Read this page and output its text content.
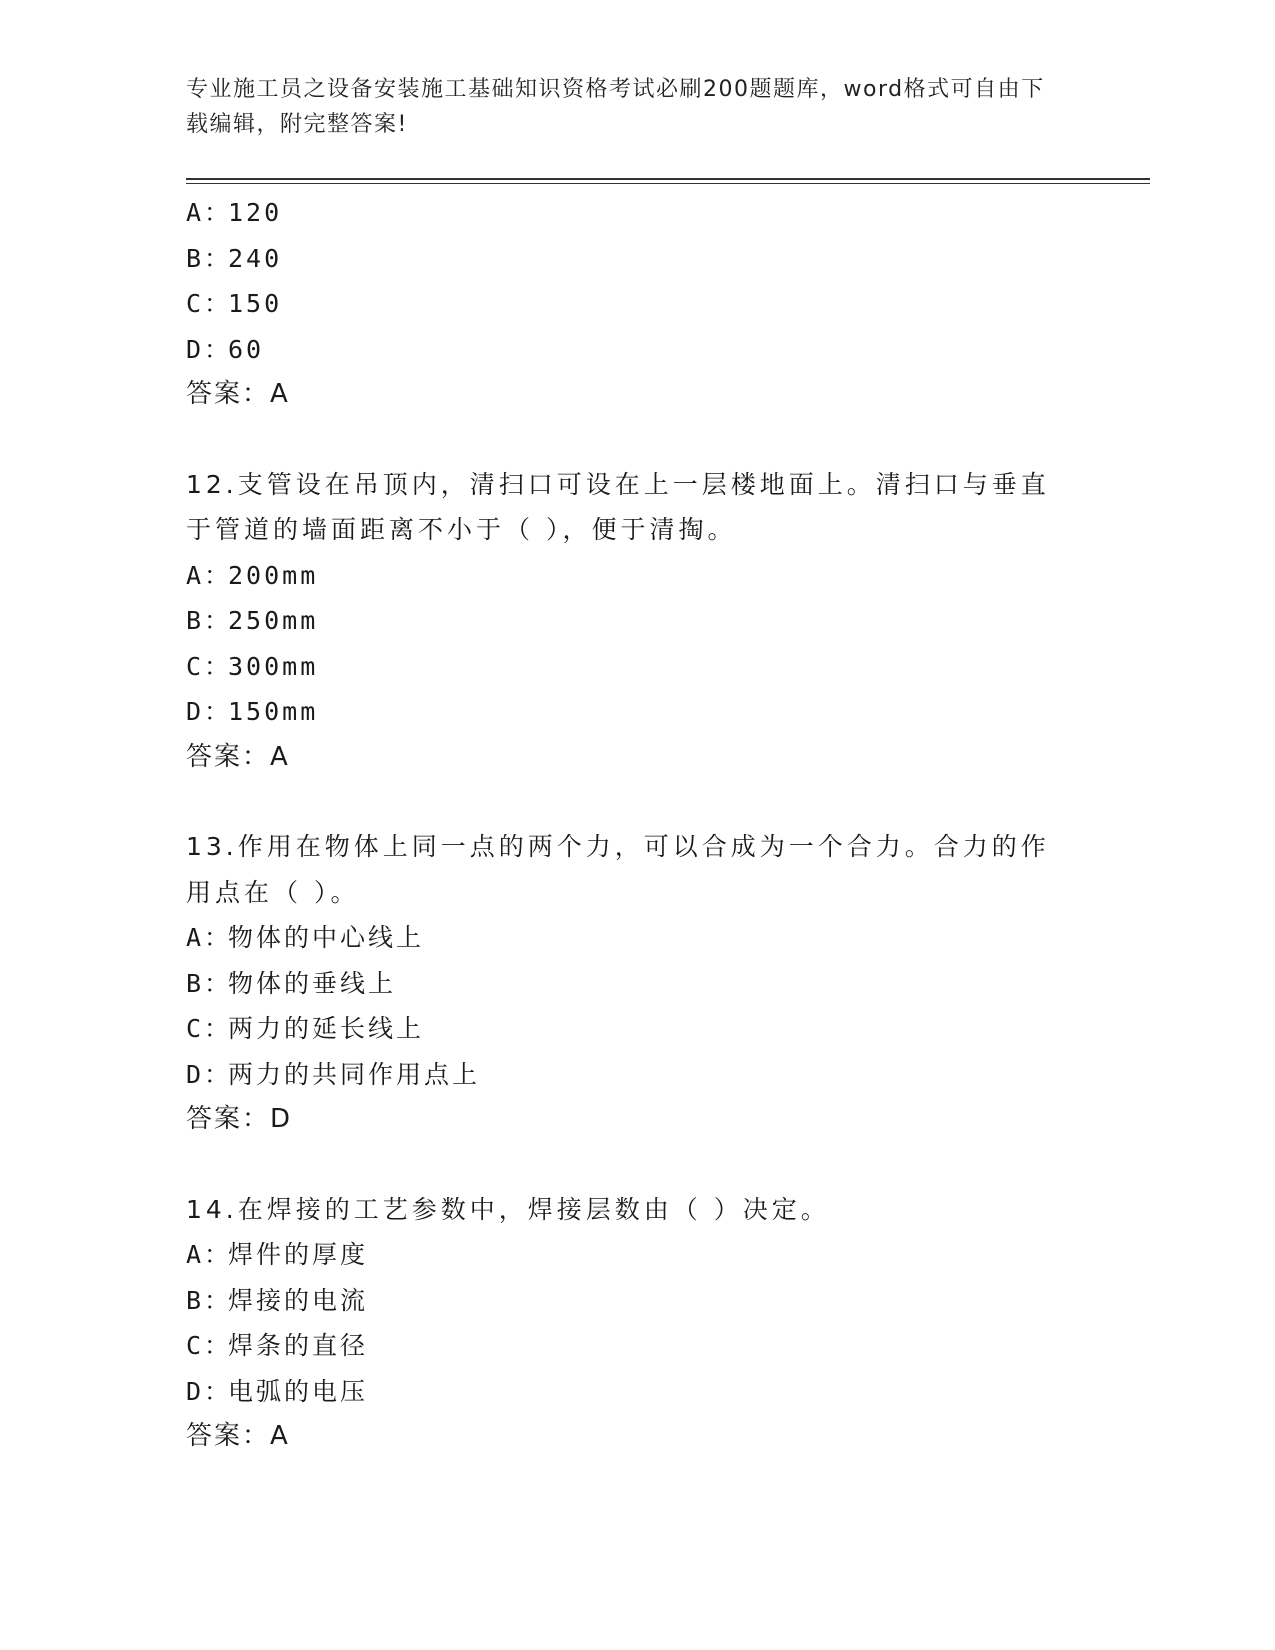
专业施工员之设备安装施工基础知识资格考试必刷200题题库，word格式可自由下载编辑，附完整答案!
A：120
B：240
C：150
D：60
答案：A
12.支管设在吊顶内，清扫口可设在上一层楼地面上。清扫口与垂直于管道的墙面距离不小于（ ），便于清掏。
A：200mm
B：250mm
C：300mm
D：150mm
答案：A
13.作用在物体上同一点的两个力，可以合成为一个合力。合力的作用点在（ ）。
A：物体的中心线上
B：物体的垂线上
C：两力的延长线上
D：两力的共同作用点上
答案：D
14.在焊接的工艺参数中，焊接层数由（ ）决定。
A：焊件的厚度
B：焊接的电流
C：焊条的直径
D：电弧的电压
答案：A
